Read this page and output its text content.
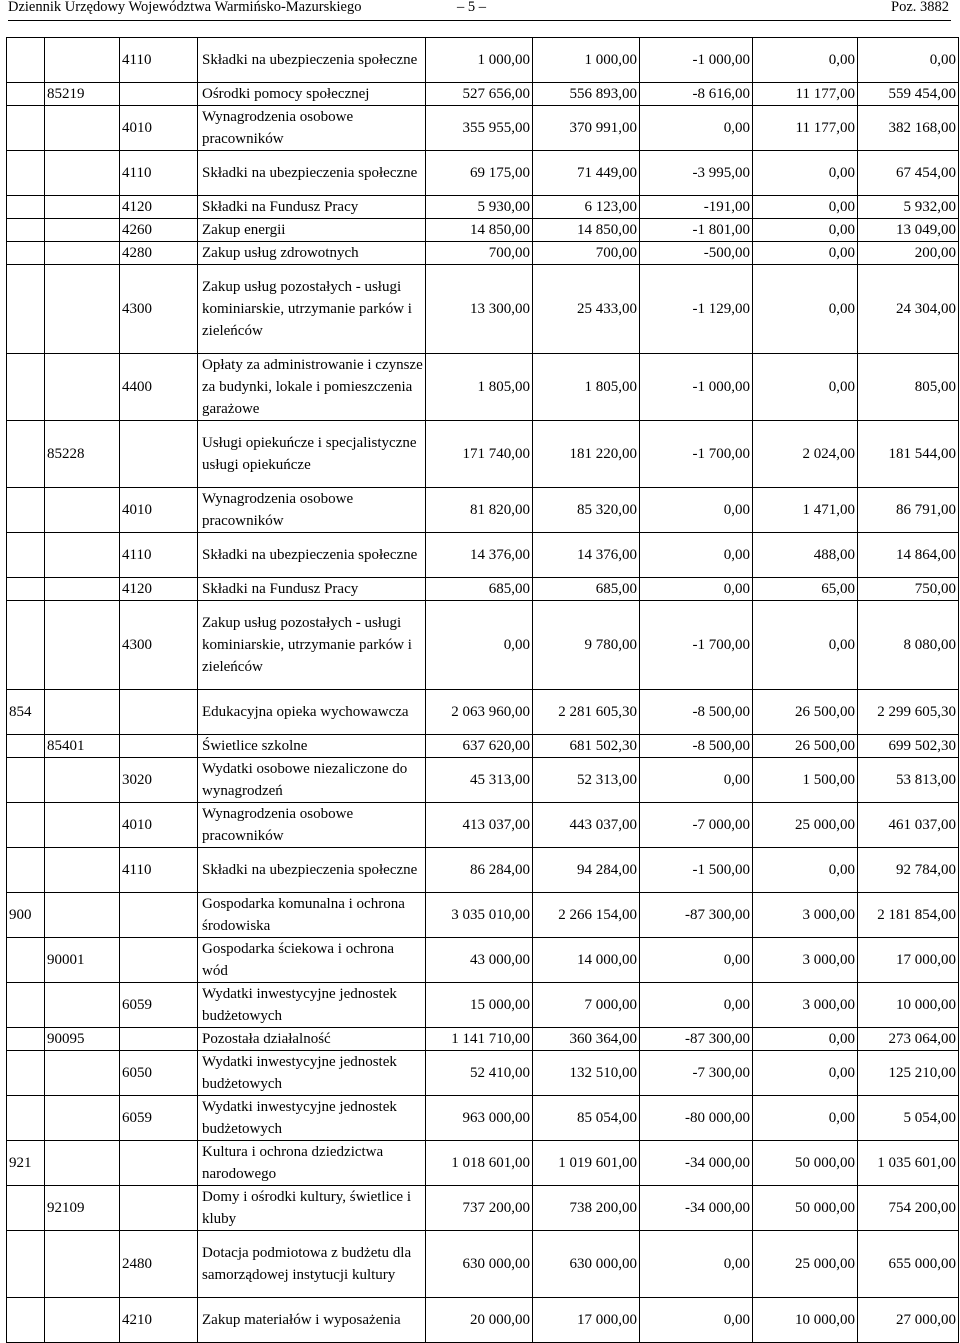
Dziennik Urzędowy Województwa Warmińsko-Mazurskiego	– 5 –	Poz. 3882
		4110	Składki na ubezpieczenia społeczne	1 000,00	1 000,00	-1 000,00	0,00	0,00
	85219		Ośrodki pomocy społecznej	527 656,00	556 893,00	-8 616,00	11 177,00	559 454,00
		4010	Wynagrodzenia osobowe pracowników	355 955,00	370 991,00	0,00	11 177,00	382 168,00
		4110	Składki na ubezpieczenia społeczne	69 175,00	71 449,00	-3 995,00	0,00	67 454,00
		4120	Składki na Fundusz Pracy	5 930,00	6 123,00	-191,00	0,00	5 932,00
		4260	Zakup energii	14 850,00	14 850,00	-1 801,00	0,00	13 049,00
		4280	Zakup usług zdrowotnych	700,00	700,00	-500,00	0,00	200,00
		4300	Zakup usług pozostałych - usługi kominiarskie, utrzymanie parków i zieleńców	13 300,00	25 433,00	-1 129,00	0,00	24 304,00
		4400	Opłaty za administrowanie i czynsze za budynki, lokale i pomieszczenia garażowe	1 805,00	1 805,00	-1 000,00	0,00	805,00
	85228		Usługi opiekuńcze i specjalistyczne usługi opiekuńcze	171 740,00	181 220,00	-1 700,00	2 024,00	181 544,00
		4010	Wynagrodzenia osobowe pracowników	81 820,00	85 320,00	0,00	1 471,00	86 791,00
		4110	Składki na ubezpieczenia społeczne	14 376,00	14 376,00	0,00	488,00	14 864,00
		4120	Składki na Fundusz Pracy	685,00	685,00	0,00	65,00	750,00
		4300	Zakup usług pozostałych - usługi kominiarskie, utrzymanie parków i zieleńców	0,00	9 780,00	-1 700,00	0,00	8 080,00
854			Edukacyjna opieka wychowawcza	2 063 960,00	2 281 605,30	-8 500,00	26 500,00	2 299 605,30
	85401		Świetlice szkolne	637 620,00	681 502,30	-8 500,00	26 500,00	699 502,30
		3020	Wydatki osobowe niezaliczone do wynagrodzeń	45 313,00	52 313,00	0,00	1 500,00	53 813,00
		4010	Wynagrodzenia osobowe pracowników	413 037,00	443 037,00	-7 000,00	25 000,00	461 037,00
		4110	Składki na ubezpieczenia społeczne	86 284,00	94 284,00	-1 500,00	0,00	92 784,00
900			Gospodarka komunalna i ochrona środowiska	3 035 010,00	2 266 154,00	-87 300,00	3 000,00	2 181 854,00
	90001		Gospodarka ściekowa i ochrona wód	43 000,00	14 000,00	0,00	3 000,00	17 000,00
		6059	Wydatki inwestycyjne jednostek budżetowych	15 000,00	7 000,00	0,00	3 000,00	10 000,00
	90095		Pozostała działalność	1 141 710,00	360 364,00	-87 300,00	0,00	273 064,00
		6050	Wydatki inwestycyjne jednostek budżetowych	52 410,00	132 510,00	-7 300,00	0,00	125 210,00
		6059	Wydatki inwestycyjne jednostek budżetowych	963 000,00	85 054,00	-80 000,00	0,00	5 054,00
921			Kultura i ochrona dziedzictwa narodowego	1 018 601,00	1 019 601,00	-34 000,00	50 000,00	1 035 601,00
	92109		Domy i ośrodki kultury, świetlice i kluby	737 200,00	738 200,00	-34 000,00	50 000,00	754 200,00
		2480	Dotacja podmiotowa z budżetu dla samorządowej instytucji kultury	630 000,00	630 000,00	0,00	25 000,00	655 000,00
		4210	Zakup materiałów i wyposażenia	20 000,00	17 000,00	0,00	10 000,00	27 000,00
